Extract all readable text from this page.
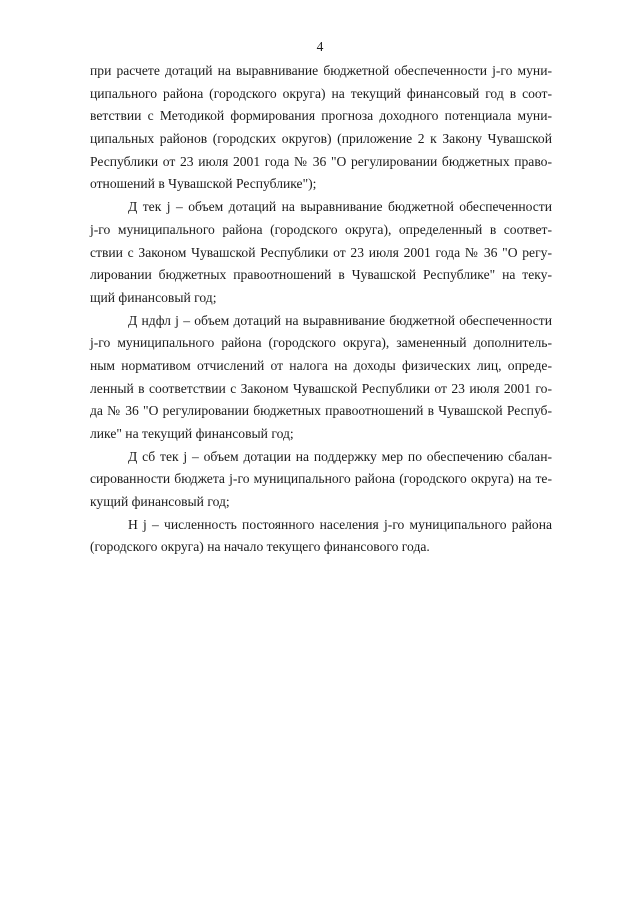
4
при расчете дотаций на выравнивание бюджетной обеспеченности j-го муни-
ципального района (городского округа) на текущий финансовый год в соот-
ветствии с Методикой формирования прогноза доходного потенциала муни-
ципальных районов (городских округов) (приложение 2 к Закону Чувашской
Республики от 23 июля 2001 года № 36 "О регулировании бюджетных право-
отношений в Чувашской Республике");
Д тек j – объем дотаций на выравнивание бюджетной обеспеченности
j-го муниципального района (городского округа), определенный в соответ-
ствии с Законом Чувашской Республики от 23 июля 2001 года № 36 "О регу-
лировании бюджетных правоотношений в Чувашской Республике" на теку-
щий финансовый год;
Д ндфл j – объем дотаций на выравнивание бюджетной обеспеченности
j-го муниципального района (городского округа), замененный дополнитель-
ным нормативом отчислений от налога на доходы физических лиц, опреде-
ленный в соответствии с Законом Чувашской Республики от 23 июля 2001 го-
да № 36 "О регулировании бюджетных правоотношений в Чувашской Респуб-
лике" на текущий финансовый год;
Д сб тек j – объем дотации на поддержку мер по обеспечению сбалан-
сированности бюджета j-го муниципального района (городского округа) на те-
кущий финансовый год;
Н j – численность постоянного населения j-го муниципального района
(городского округа) на начало текущего финансового года.
